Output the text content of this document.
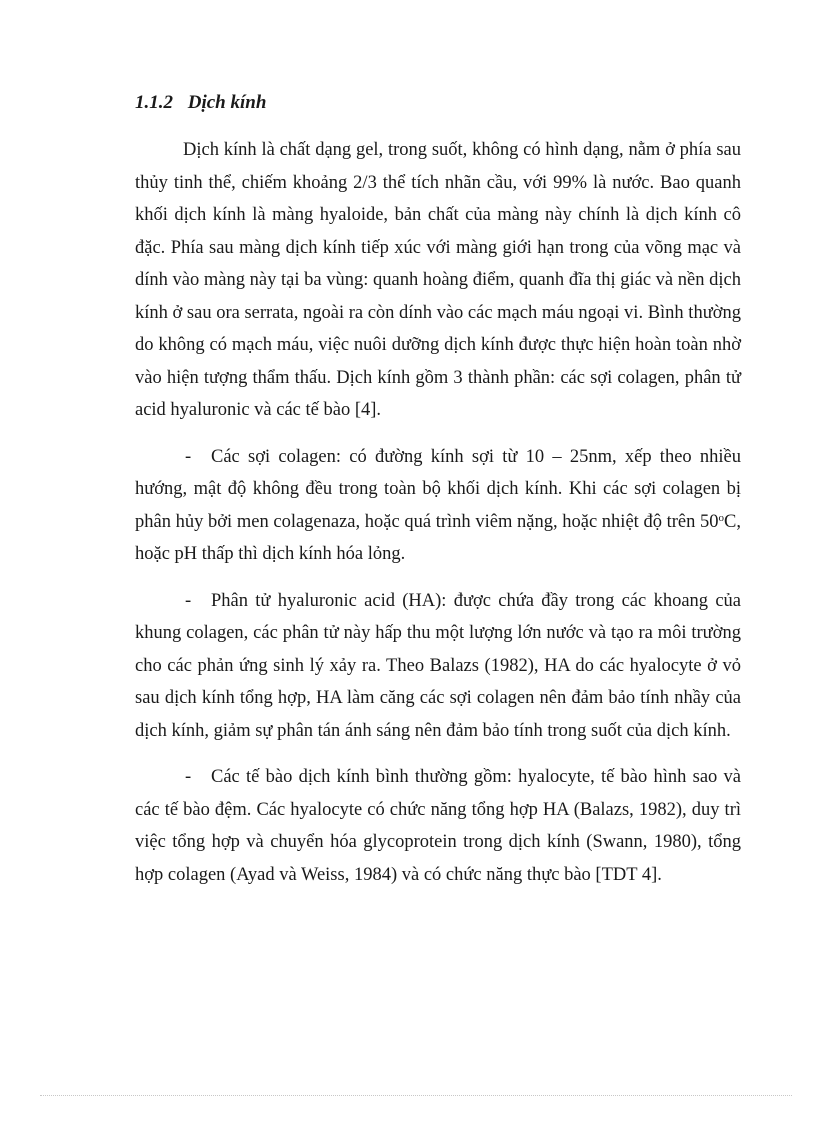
1.1.2 Dịch kính

Dịch kính là chất dạng gel, trong suốt, không có hình dạng, nằm ở phía sau thủy tinh thể, chiếm khoảng 2/3 thể tích nhãn cầu, với 99% là nước. Bao quanh khối dịch kính là màng hyaloide, bản chất của màng này chính là dịch kính cô đặc. Phía sau màng dịch kính tiếp xúc với màng giới hạn trong của võng mạc và dính vào màng này tại ba vùng: quanh hoàng điểm, quanh đĩa thị giác và nền dịch kính ở sau ora serrata, ngoài ra còn dính vào các mạch máu ngoại vi. Bình thường do không có mạch máu, việc nuôi dưỡng dịch kính được thực hiện hoàn toàn nhờ vào hiện tượng thẩm thấu. Dịch kính gồm 3 thành phần: các sợi colagen, phân tử acid hyaluronic và các tế bào [4].

- Các sợi colagen: có đường kính sợi từ 10 – 25nm, xếp theo nhiều hướng, mật độ không đều trong toàn bộ khối dịch kính. Khi các sợi colagen bị phân hủy bởi men colagenaza, hoặc quá trình viêm nặng, hoặc nhiệt độ trên 50$^o$C, hoặc pH thấp thì dịch kính hóa lỏng.

- Phân tử hyaluronic acid (HA): được chứa đầy trong các khoang của khung colagen, các phân tử này hấp thu một lượng lớn nước và tạo ra môi trường cho các phản ứng sinh lý xảy ra. Theo Balazs (1982), HA do các hyalocyte ở vỏ sau dịch kính tổng hợp, HA làm căng các sợi colagen nên đảm bảo tính nhầy của dịch kính, giảm sự phân tán ánh sáng nên đảm bảo tính trong suốt của dịch kính.

- Các tế bào dịch kính bình thường gồm: hyalocyte, tế bào hình sao và các tế bào đệm. Các hyalocyte có chức năng tổng hợp HA (Balazs, 1982), duy trì việc tổng hợp và chuyển hóa glycoprotein trong dịch kính (Swann, 1980), tổng hợp colagen (Ayad và Weiss, 1984) và có chức năng thực bào [TDT 4].
